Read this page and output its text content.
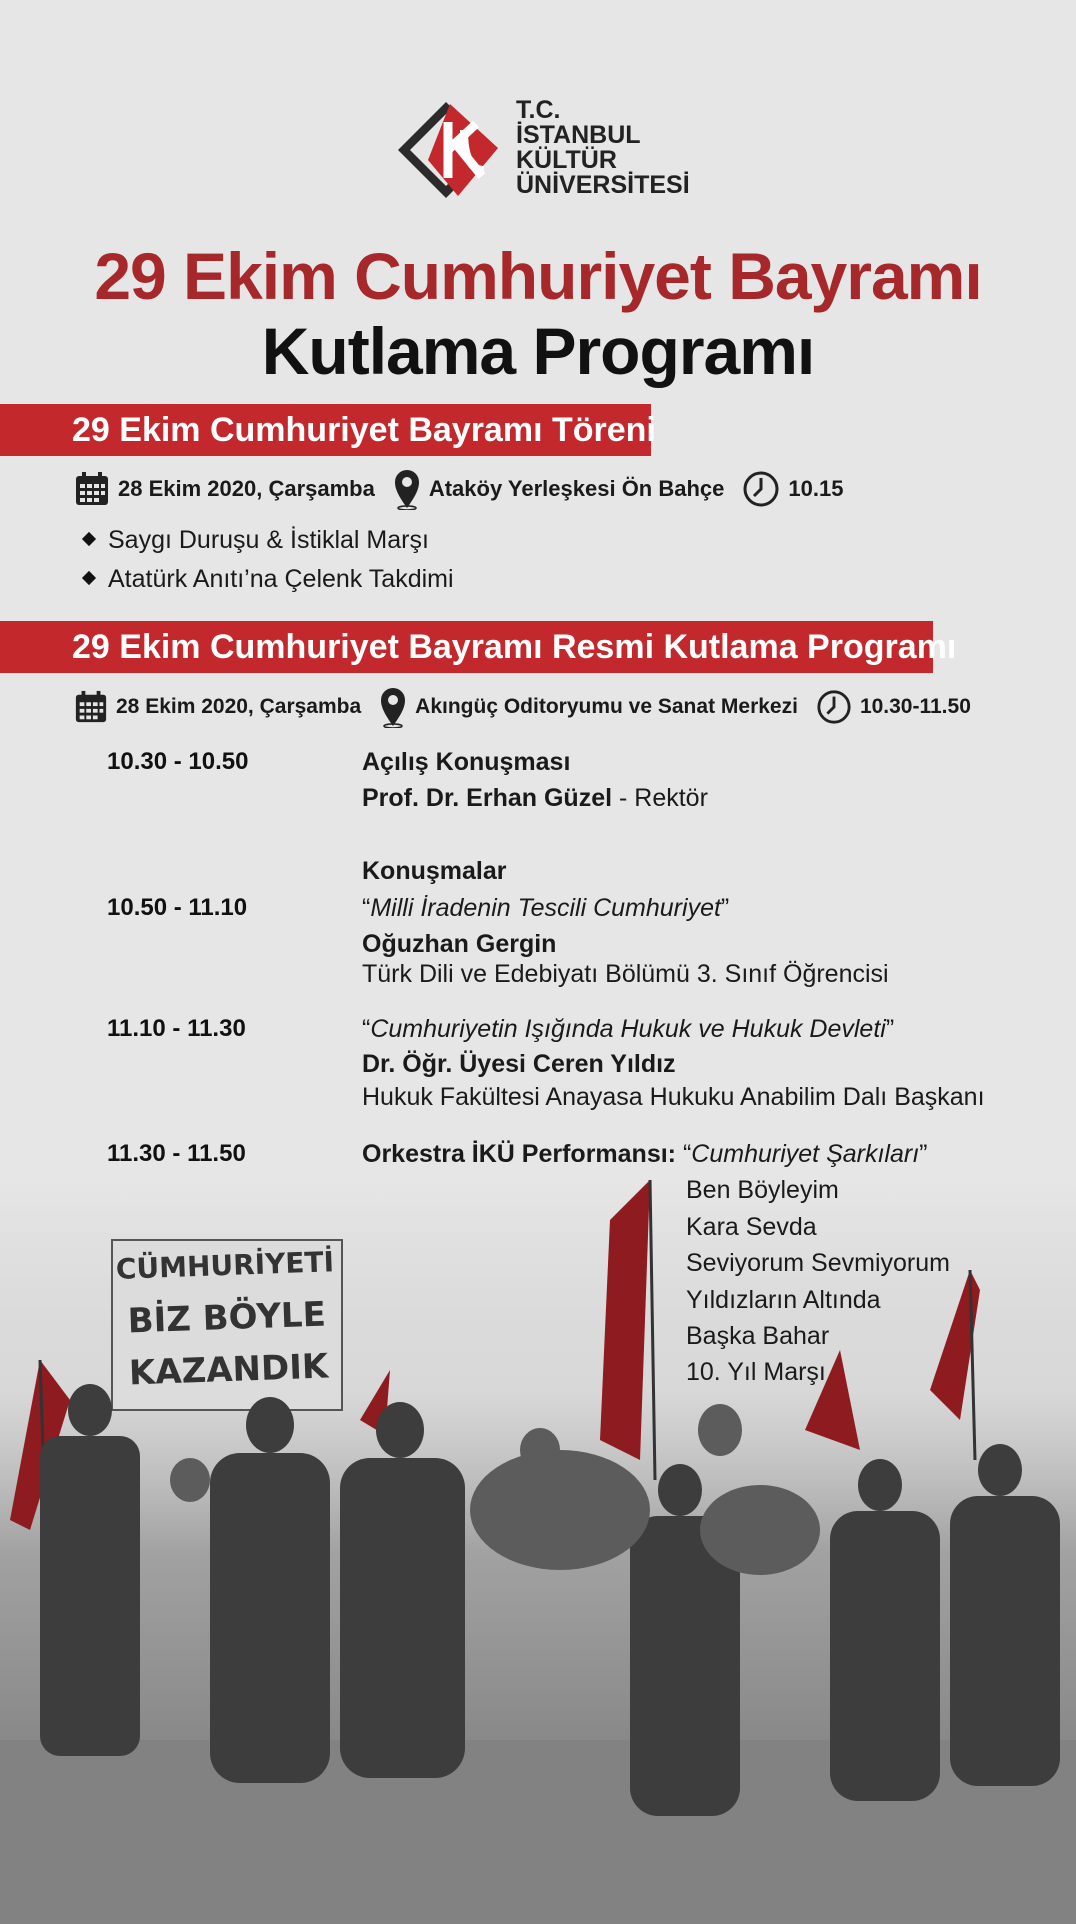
T.C.
İSTANBUL
KÜLTÜR
ÜNİVERSİTESİ
29 Ekim Cumhuriyet Bayramı
Kutlama Programı
29 Ekim Cumhuriyet Bayramı Töreni
28 Ekim 2020, Çarşamba Ataköy Yerleşkesi Ön Bahçe	10.15
Saygı Duruşu & İstiklal Marşı
Atatürk Anıtı’na Çelenk Takdimi
29 Ekim Cumhuriyet Bayramı Resmi Kutlama Programı
28 Ekim 2020, Çarşamba	Akıngüç Oditoryumu ve Sanat Merkezi	10.30-11.50
10.30 - 10.50	Açılış Konuşması
Prof. Dr. Erhan Güzel - Rektör
Konuşmalar
10.50 - 11.10	“Milli İradenin Tescili Cumhuriyet”
Oğuzhan Gergin
Türk Dili ve Edebiyatı Bölümü 3. Sınıf Öğrencisi
11.10 - 11.30	“Cumhuriyetin Işığında Hukuk ve Hukuk Devleti”
Dr. Öğr. Üyesi Ceren Yıldız
Hukuk Fakültesi Anayasa Hukuku Anabilim Dalı Başkanı
11.30 - 11.50	Orkestra İKÜ Performansı: “Cumhuriyet Şarkıları”
CÜMHURİYETİ
BİZ BÖYLE
KAZANDIK
Ben Böyleyim
Kara Sevda
Seviyorum Sevmiyorum
Yıldızların Altında
Başka Bahar
10. Yıl Marşı
